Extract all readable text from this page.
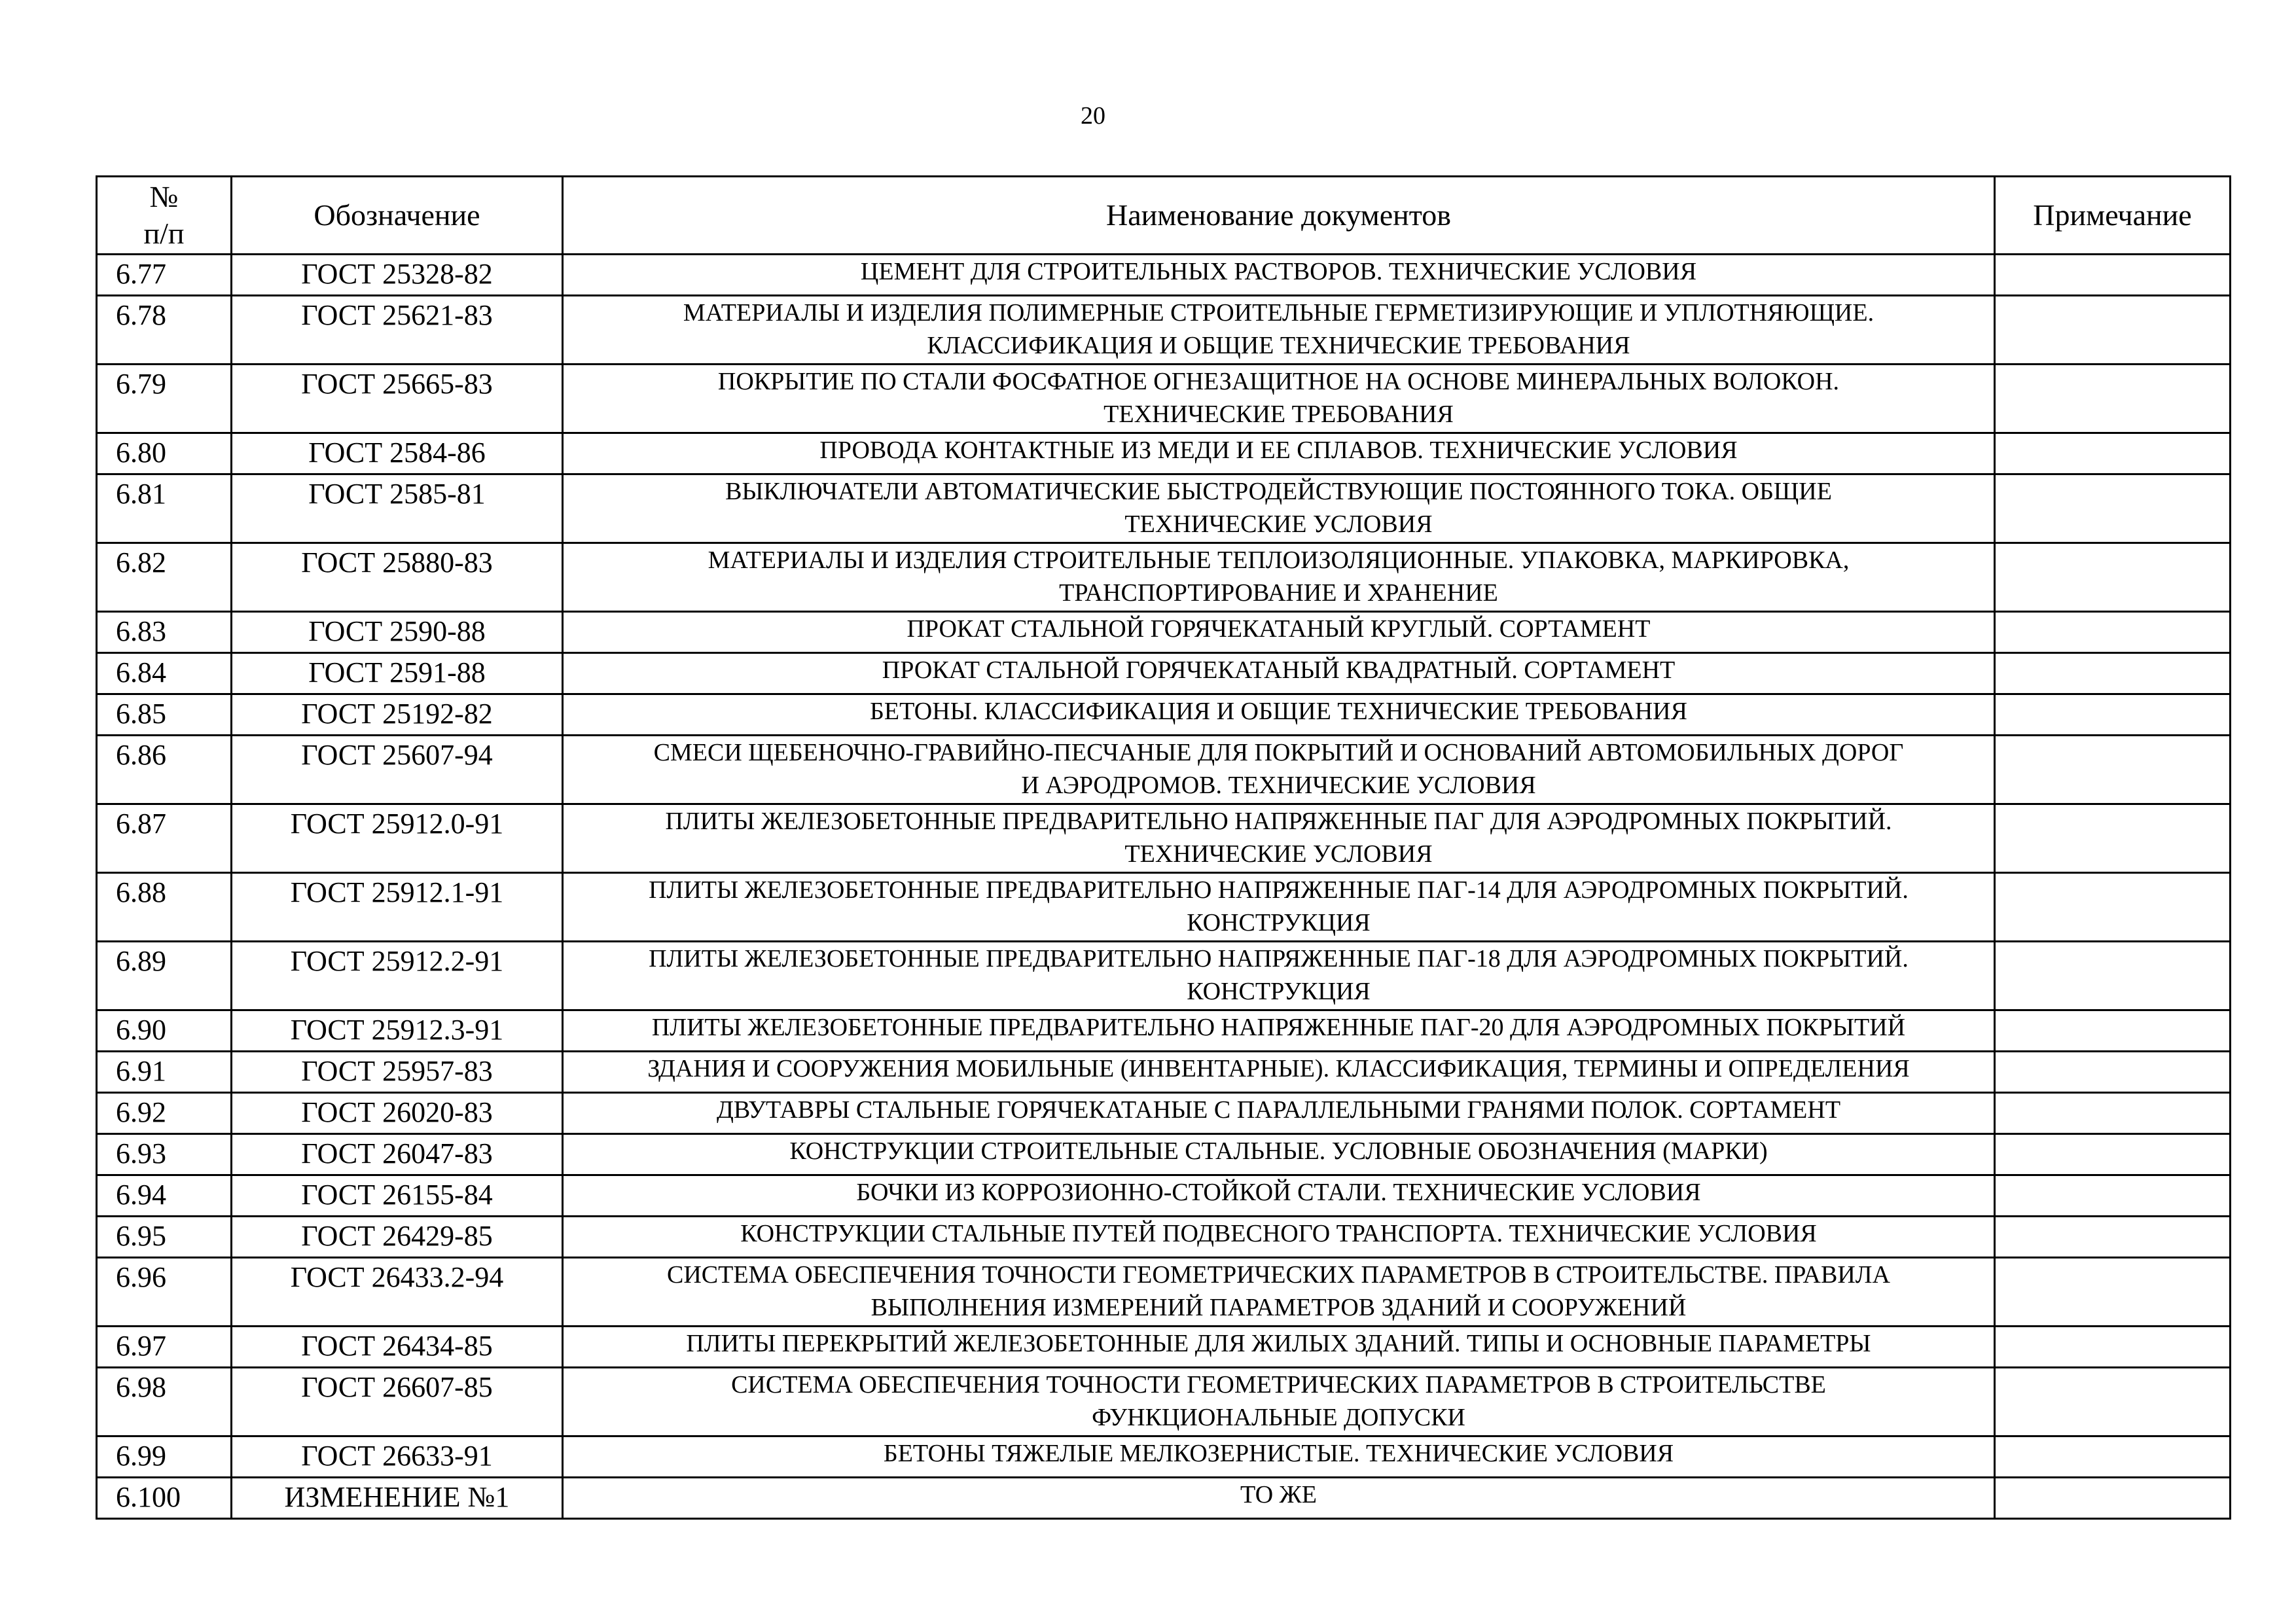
20
№
п/п	Обозначение	Наименование документов	Примечание
6.77	ГОСТ 25328-82	ЦЕМЕНТ ДЛЯ СТРОИТЕЛЬНЫХ РАСТВОРОВ. ТЕХНИЧЕСКИЕ УСЛОВИЯ	
6.78	ГОСТ 25621-83	МАТЕРИАЛЫ И ИЗДЕЛИЯ ПОЛИМЕРНЫЕ СТРОИТЕЛЬНЫЕ ГЕРМЕТИЗИРУЮЩИЕ И УПЛОТНЯЮЩИЕ.
КЛАССИФИКАЦИЯ И ОБЩИЕ ТЕХНИЧЕСКИЕ ТРЕБОВАНИЯ	
6.79	ГОСТ 25665-83	ПОКРЫТИЕ ПО СТАЛИ ФОСФАТНОЕ ОГНЕЗАЩИТНОЕ НА ОСНОВЕ МИНЕРАЛЬНЫХ ВОЛОКОН.
ТЕХНИЧЕСКИЕ ТРЕБОВАНИЯ	
6.80	ГОСТ 2584-86	ПРОВОДА КОНТАКТНЫЕ ИЗ МЕДИ И ЕЕ СПЛАВОВ. ТЕХНИЧЕСКИЕ УСЛОВИЯ	
6.81	ГОСТ 2585-81	ВЫКЛЮЧАТЕЛИ АВТОМАТИЧЕСКИЕ БЫСТРОДЕЙСТВУЮЩИЕ ПОСТОЯННОГО ТОКА. ОБЩИЕ
ТЕХНИЧЕСКИЕ УСЛОВИЯ	
6.82	ГОСТ 25880-83	МАТЕРИАЛЫ И ИЗДЕЛИЯ СТРОИТЕЛЬНЫЕ ТЕПЛОИЗОЛЯЦИОННЫЕ. УПАКОВКА, МАРКИРОВКА,
ТРАНСПОРТИРОВАНИЕ И ХРАНЕНИЕ	
6.83	ГОСТ 2590-88	ПРОКАТ СТАЛЬНОЙ ГОРЯЧЕКАТАНЫЙ КРУГЛЫЙ. СОРТАМЕНТ	
6.84	ГОСТ 2591-88	ПРОКАТ СТАЛЬНОЙ ГОРЯЧЕКАТАНЫЙ КВАДРАТНЫЙ. СОРТАМЕНТ	
6.85	ГОСТ 25192-82	БЕТОНЫ. КЛАССИФИКАЦИЯ И ОБЩИЕ ТЕХНИЧЕСКИЕ ТРЕБОВАНИЯ	
6.86	ГОСТ 25607-94	СМЕСИ ЩЕБЕНОЧНО-ГРАВИЙНО-ПЕСЧАНЫЕ ДЛЯ ПОКРЫТИЙ И ОСНОВАНИЙ АВТОМОБИЛЬНЫХ ДОРОГ
И АЭРОДРОМОВ. ТЕХНИЧЕСКИЕ УСЛОВИЯ	
6.87	ГОСТ 25912.0-91	ПЛИТЫ ЖЕЛЕЗОБЕТОННЫЕ ПРЕДВАРИТЕЛЬНО НАПРЯЖЕННЫЕ ПАГ ДЛЯ АЭРОДРОМНЫХ ПОКРЫТИЙ.
ТЕХНИЧЕСКИЕ УСЛОВИЯ	
6.88	ГОСТ 25912.1-91	ПЛИТЫ ЖЕЛЕЗОБЕТОННЫЕ ПРЕДВАРИТЕЛЬНО НАПРЯЖЕННЫЕ ПАГ-14 ДЛЯ АЭРОДРОМНЫХ ПОКРЫТИЙ.
КОНСТРУКЦИЯ	
6.89	ГОСТ 25912.2-91	ПЛИТЫ ЖЕЛЕЗОБЕТОННЫЕ ПРЕДВАРИТЕЛЬНО НАПРЯЖЕННЫЕ ПАГ-18 ДЛЯ АЭРОДРОМНЫХ ПОКРЫТИЙ.
КОНСТРУКЦИЯ	
6.90	ГОСТ 25912.3-91	ПЛИТЫ ЖЕЛЕЗОБЕТОННЫЕ ПРЕДВАРИТЕЛЬНО НАПРЯЖЕННЫЕ ПАГ-20 ДЛЯ АЭРОДРОМНЫХ ПОКРЫТИЙ	
6.91	ГОСТ 25957-83	ЗДАНИЯ И СООРУЖЕНИЯ МОБИЛЬНЫЕ (ИНВЕНТАРНЫЕ). КЛАССИФИКАЦИЯ, ТЕРМИНЫ И ОПРЕДЕЛЕНИЯ	
6.92	ГОСТ 26020-83	ДВУТАВРЫ СТАЛЬНЫЕ ГОРЯЧЕКАТАНЫЕ С ПАРАЛЛЕЛЬНЫМИ ГРАНЯМИ ПОЛОК. СОРТАМЕНТ	
6.93	ГОСТ 26047-83	КОНСТРУКЦИИ СТРОИТЕЛЬНЫЕ СТАЛЬНЫЕ. УСЛОВНЫЕ ОБОЗНАЧЕНИЯ (МАРКИ)	
6.94	ГОСТ 26155-84	БОЧКИ ИЗ КОРРОЗИОННО-СТОЙКОЙ СТАЛИ. ТЕХНИЧЕСКИЕ УСЛОВИЯ	
6.95	ГОСТ 26429-85	КОНСТРУКЦИИ СТАЛЬНЫЕ ПУТЕЙ ПОДВЕСНОГО ТРАНСПОРТА. ТЕХНИЧЕСКИЕ УСЛОВИЯ	
6.96	ГОСТ 26433.2-94	СИСТЕМА ОБЕСПЕЧЕНИЯ ТОЧНОСТИ ГЕОМЕТРИЧЕСКИХ ПАРАМЕТРОВ В СТРОИТЕЛЬСТВЕ. ПРАВИЛА
ВЫПОЛНЕНИЯ ИЗМЕРЕНИЙ ПАРАМЕТРОВ ЗДАНИЙ И СООРУЖЕНИЙ	
6.97	ГОСТ 26434-85	ПЛИТЫ ПЕРЕКРЫТИЙ ЖЕЛЕЗОБЕТОННЫЕ ДЛЯ ЖИЛЫХ ЗДАНИЙ. ТИПЫ И ОСНОВНЫЕ ПАРАМЕТРЫ	
6.98	ГОСТ 26607-85	СИСТЕМА ОБЕСПЕЧЕНИЯ ТОЧНОСТИ ГЕОМЕТРИЧЕСКИХ ПАРАМЕТРОВ В СТРОИТЕЛЬСТВЕ
ФУНКЦИОНАЛЬНЫЕ ДОПУСКИ	
6.99	ГОСТ 26633-91	БЕТОНЫ ТЯЖЕЛЫЕ МЕЛКОЗЕРНИСТЫЕ. ТЕХНИЧЕСКИЕ УСЛОВИЯ	
6.100	ИЗМЕНЕНИЕ №1	ТО ЖЕ	
